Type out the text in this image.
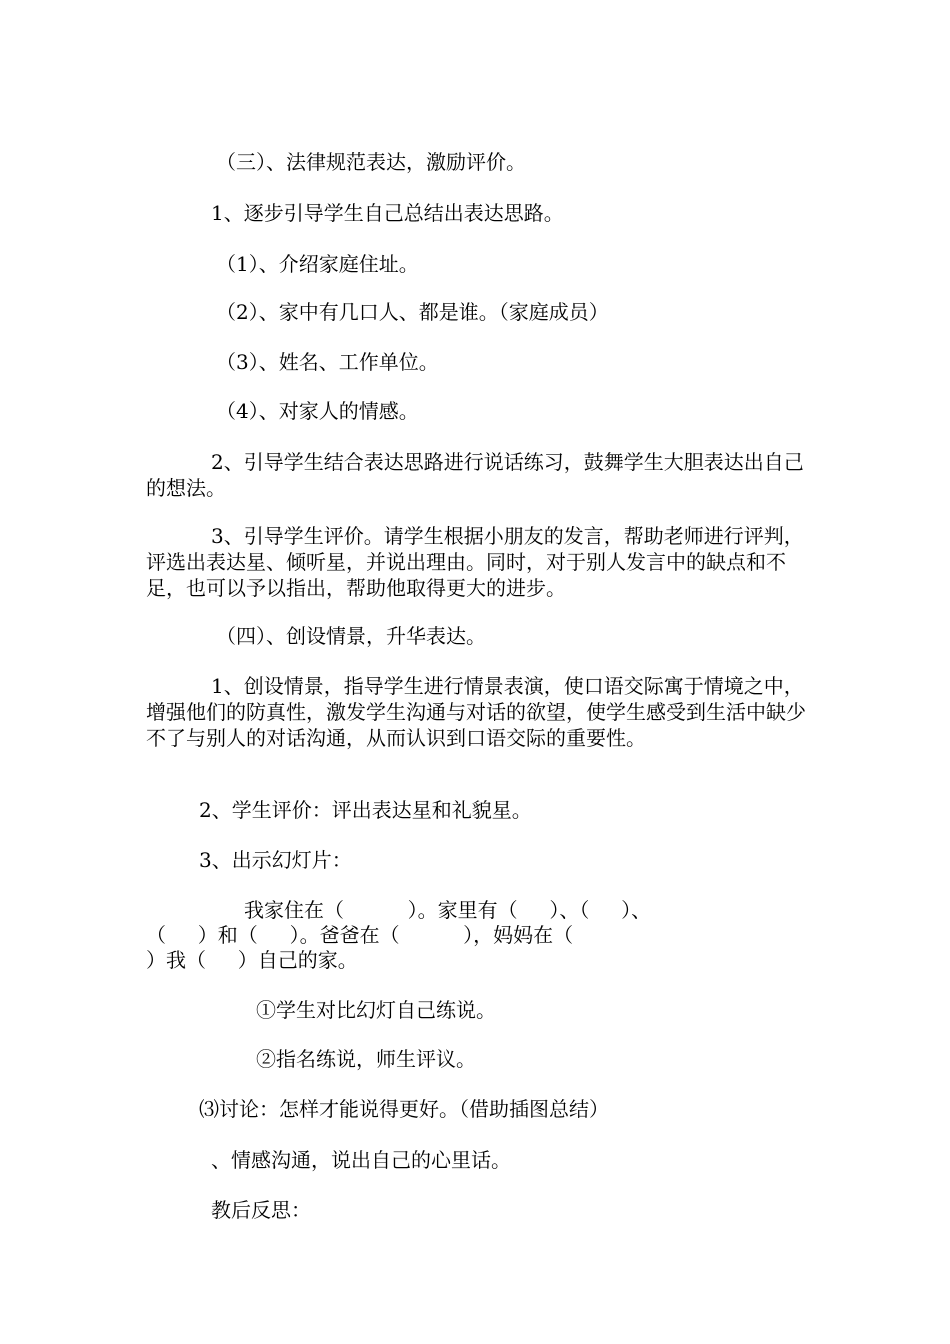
（三）、法律规范表达，激励评价。

1、逐步引导学生自己总结出表达思路。

（1）、介绍家庭住址。

（2）、家中有几口人、都是谁。（家庭成员）

（3）、姓名、工作单位。

（4）、对家人的情感。

2、引导学生结合表达思路进行说话练习，鼓舞学生大胆表达出自己的想法。

3、引导学生评价。请学生根据小朋友的发言，帮助老师进行评判，评选出表达星、倾听星，并说出理由。同时，对于别人发言中的缺点和不足，也可以予以指出，帮助他取得更大的进步。

（四）、创设情景，升华表达。

1、创设情景，指导学生进行情景表演，使口语交际寓于情境之中，增强他们的防真性，激发学生沟通与对话的欲望，使学生感受到生活中缺少不了与别人的对话沟通，从而认识到口语交际的重要性。

2、学生评价：评出表达星和礼貌星。

3、出示幻灯片：

我家住在（          ）。家里有（     ）、（     ）、
（     ）和（     ）。爸爸在（          ），妈妈在（
）我（     ）自己的家。

①学生对比幻灯自己练说。

②指名练说，师生评议。

⑶讨论：怎样才能说得更好。（借助插图总结）

、情感沟通，说出自己的心里话。

教后反思：
